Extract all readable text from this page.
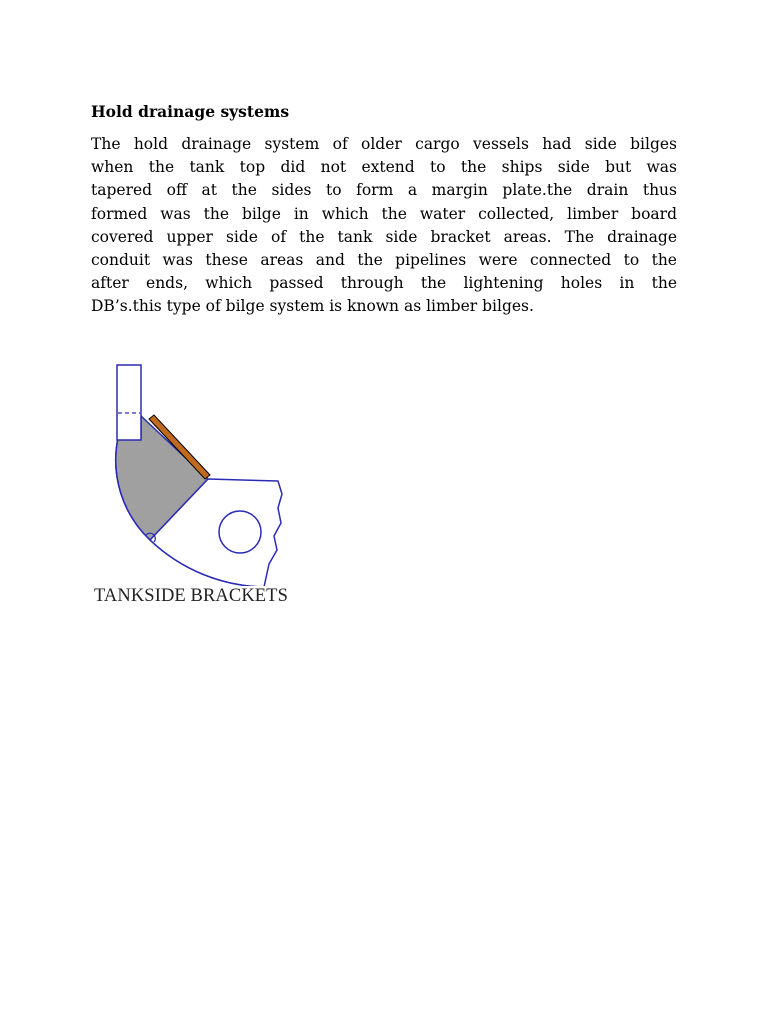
Hold drainage systems
The hold drainage system of older cargo vessels had side bilges
when the tank top did not extend to the ships side but was
tapered off at the sides to form a margin plate.the drain thus
formed was the bilge in which the water collected, limber board
covered upper side of the tank side bracket areas. The drainage
conduit was these areas and the pipelines were connected to the
after ends, which passed through the lightening holes in the
DB’s.this type of bilge system is known as limber bilges.
TANKSIDE BRACKETS
